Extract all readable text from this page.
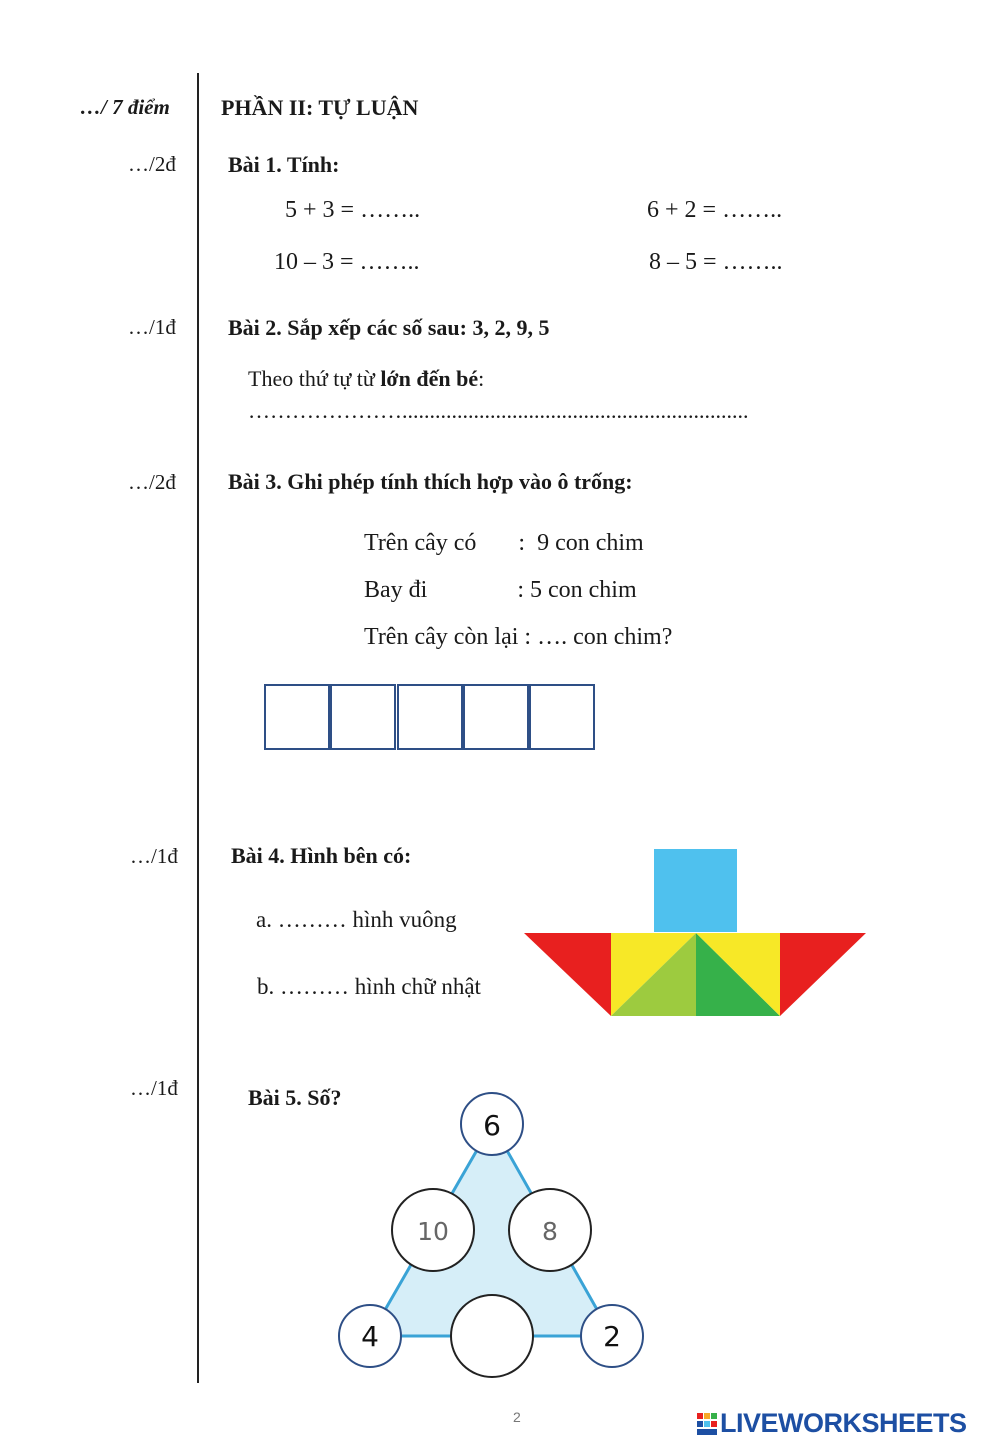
…/ 7 điểm PHẦN II: TỰ LUẬN
…/2đ Bài 1. Tính:
5 + 3 = ……..	6 + 2 = ……..
10 – 3 = ……..	8 – 5 = ……..
…/1đ Bài 2. Sắp xếp các số sau: 3, 2, 9, 5
Theo thứ tự từ lớn đến bé:
…………………...............................................................
…/2đ Bài 3. Ghi phép tính thích hợp vào ô trống:
Trên cây có       :  9 con chim
Bay đi               : 5 con chim
Trên cây còn lại : …. con chim?
…/1đ Bài 4. Hình bên có:
a. ……… hình vuông
b. ……… hình chữ nhật
…/1đ	Bài 5. Số?
6
10	8
4	2
2	LIVEWORKSHEETS
